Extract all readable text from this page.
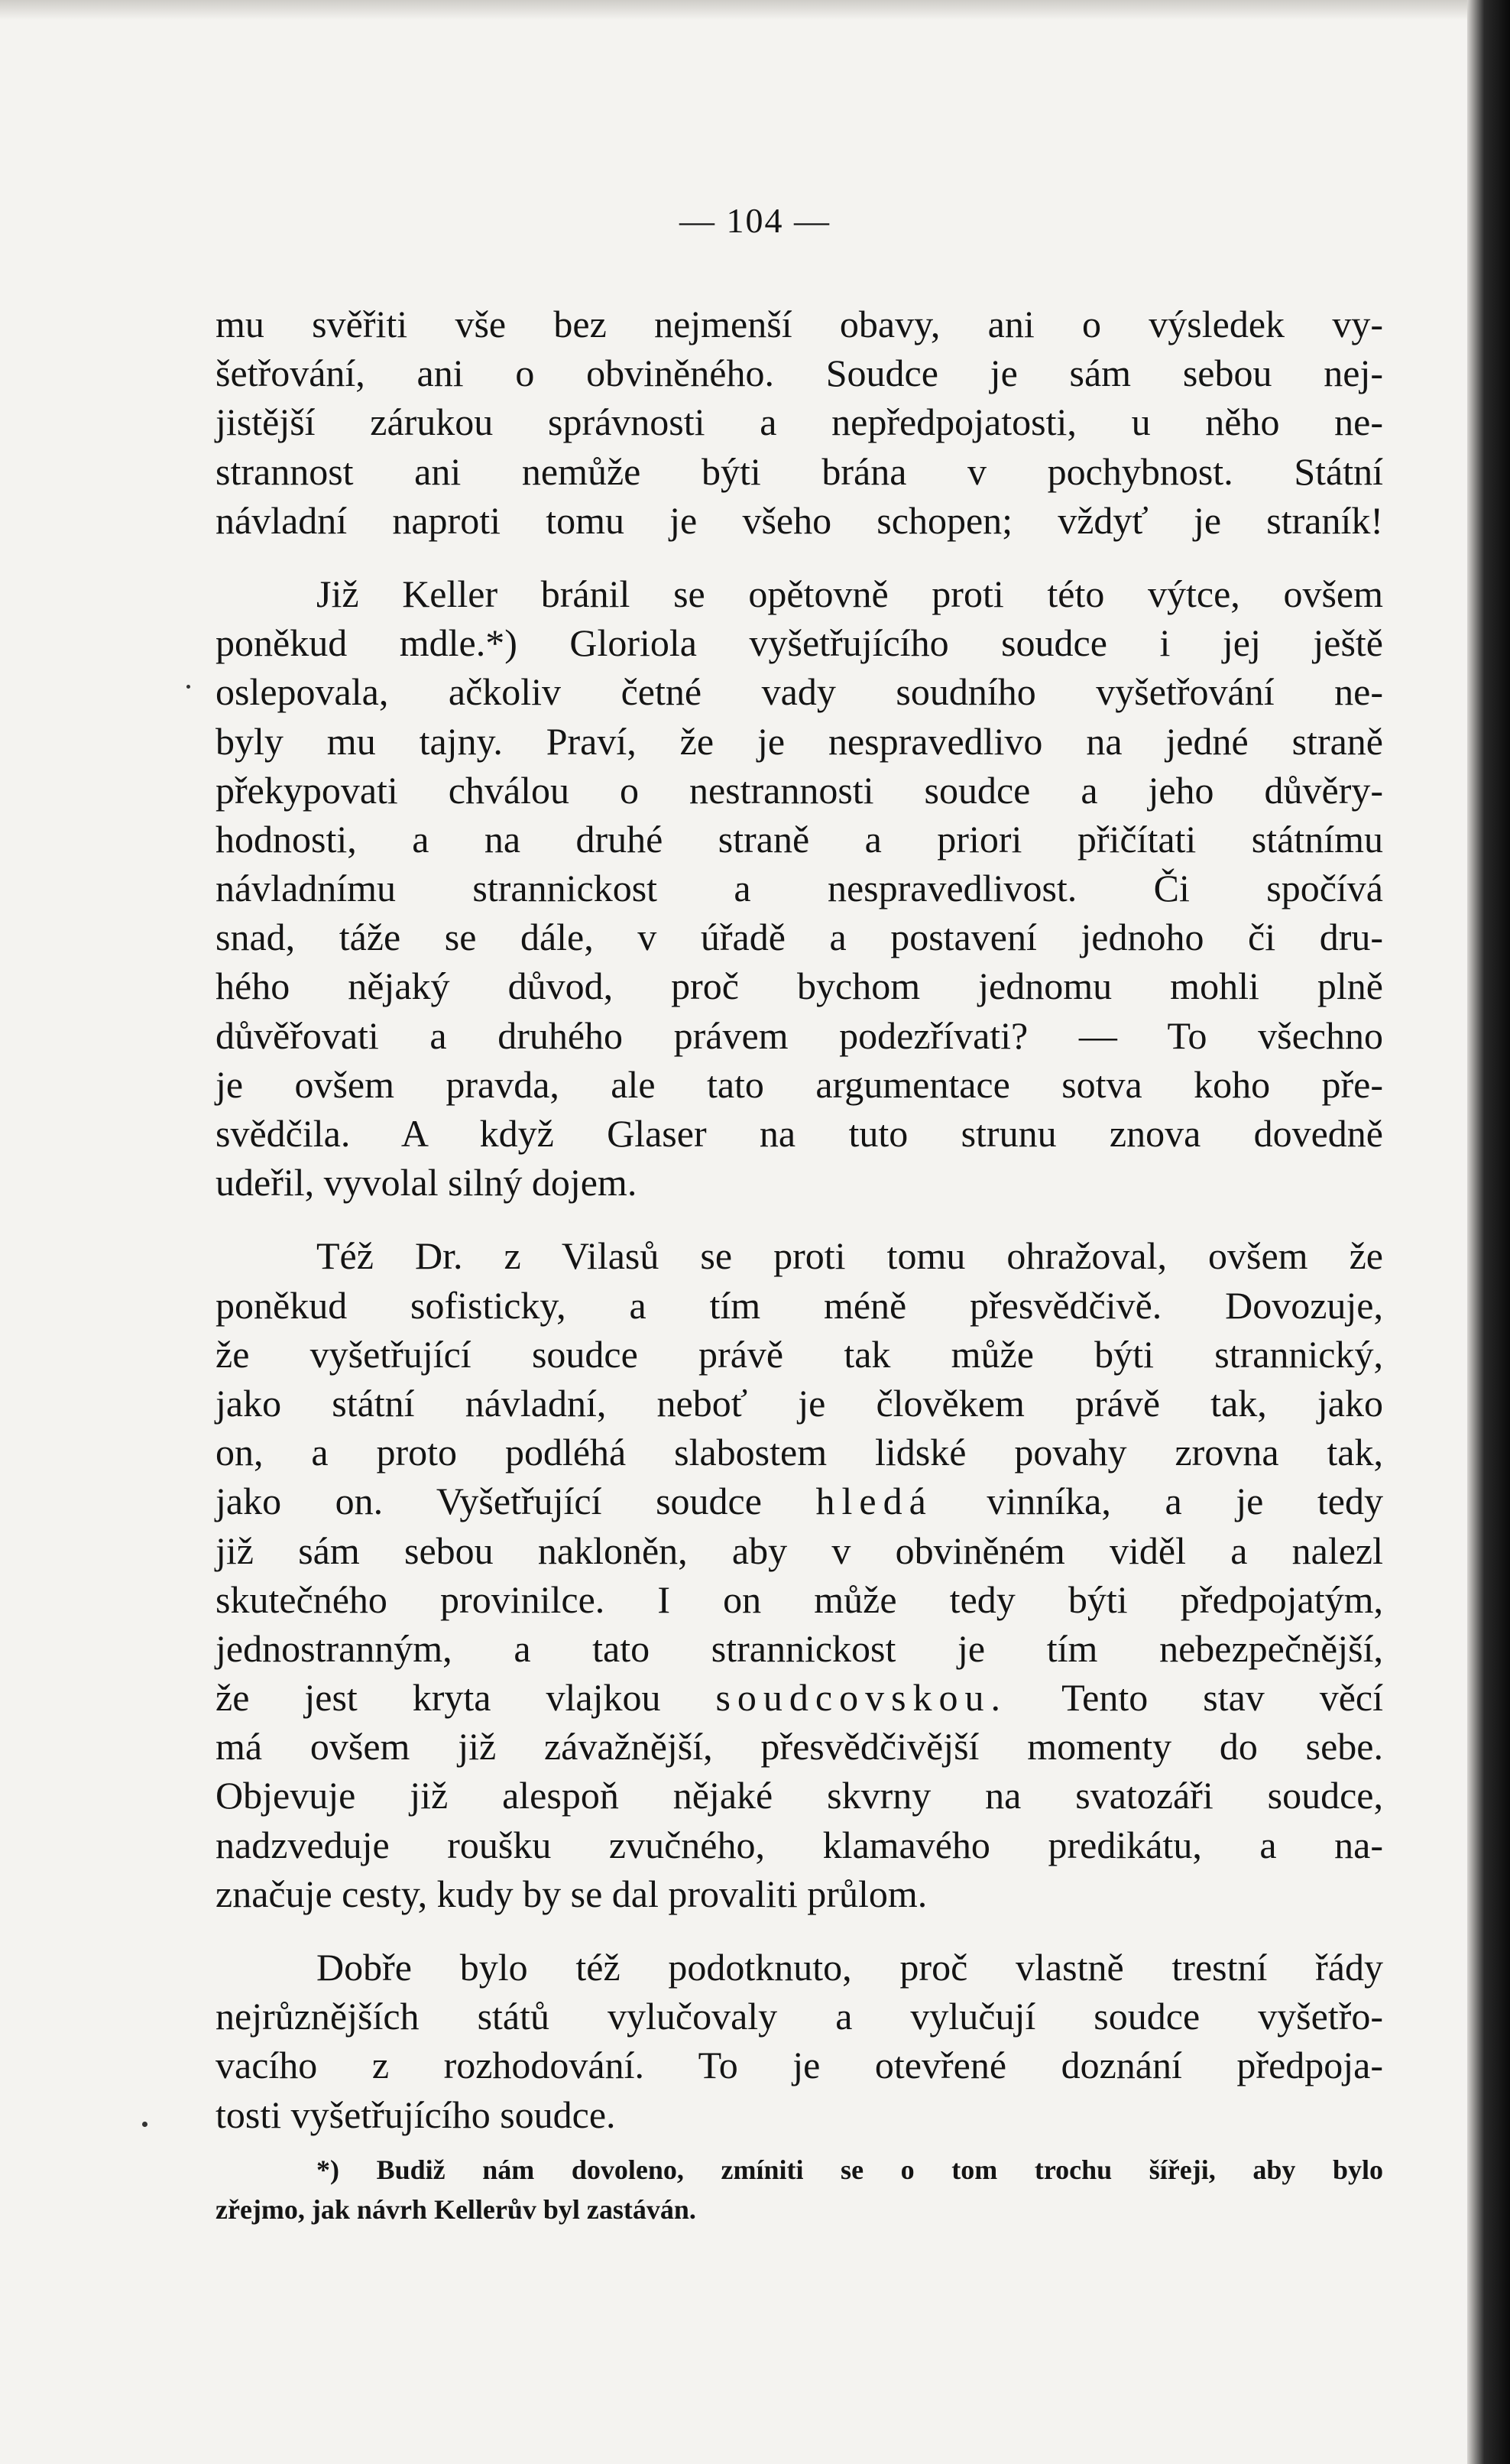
— 104 —
mu svěřiti vše bez nejmenší obavy, ani o výsledek vy-
šetřování, ani o obviněného. Soudce je sám sebou nej-
jistější zárukou správnosti a nepředpojatosti, u něho ne-
strannost ani nemůže býti brána v pochybnost. Státní
návladní naproti tomu je všeho schopen; vždyť je straník!
Již Keller bránil se opětovně proti této výtce, ovšem
poněkud mdle.*) Gloriola vyšetřujícího soudce i jej ještě
oslepovala, ačkoliv četné vady soudního vyšetřování ne-
byly mu tajny. Praví, že je nespravedlivo na jedné straně
překypovati chválou o nestrannosti soudce a jeho důvěry-
hodnosti, a na druhé straně a priori přičítati státnímu
návladnímu strannickost a nespravedlivost. Či spočívá
snad, táže se dále, v úřadě a postavení jednoho či dru-
hého nějaký důvod, proč bychom jednomu mohli plně
důvěřovati a druhého právem podezřívati? — To všechno
je ovšem pravda, ale tato argumentace sotva koho pře-
svědčila. A když Glaser na tuto strunu znova dovedně
udeřil, vyvolal silný dojem.
Též Dr. z Vilasů se proti tomu ohražoval, ovšem že
poněkud sofisticky, a tím méně přesvědčivě. Dovozuje,
že vyšetřující soudce právě tak může býti strannický,
jako státní návladní, neboť je člověkem právě tak, jako
on, a proto podléhá slabostem lidské povahy zrovna tak,
jako on. Vyšetřující soudce hledá vinníka, a je tedy
již sám sebou nakloněn, aby v obviněném viděl a nalezl
skutečného provinilce. I on může tedy býti předpojatým,
jednostranným, a tato strannickost je tím nebezpečnější,
že jest kryta vlajkou soudcovskou. Tento stav věcí
má ovšem již závažnější, přesvědčivější momenty do sebe.
Objevuje již alespoň nějaké skvrny na svatozáři soudce,
nadzveduje roušku zvučného, klamavého predikátu, a na-
značuje cesty, kudy by se dal provaliti průlom.
Dobře bylo též podotknuto, proč vlastně trestní řády
nejrůznějších států vylučovaly a vylučují soudce vyšetřo-
vacího z rozhodování. To je otevřené doznání předpoja-
tosti vyšetřujícího soudce.
*) Budiž nám dovoleno, zmíniti se o tom trochu šířeji, aby bylo
zřejmo, jak návrh Kellerův byl zastáván.
